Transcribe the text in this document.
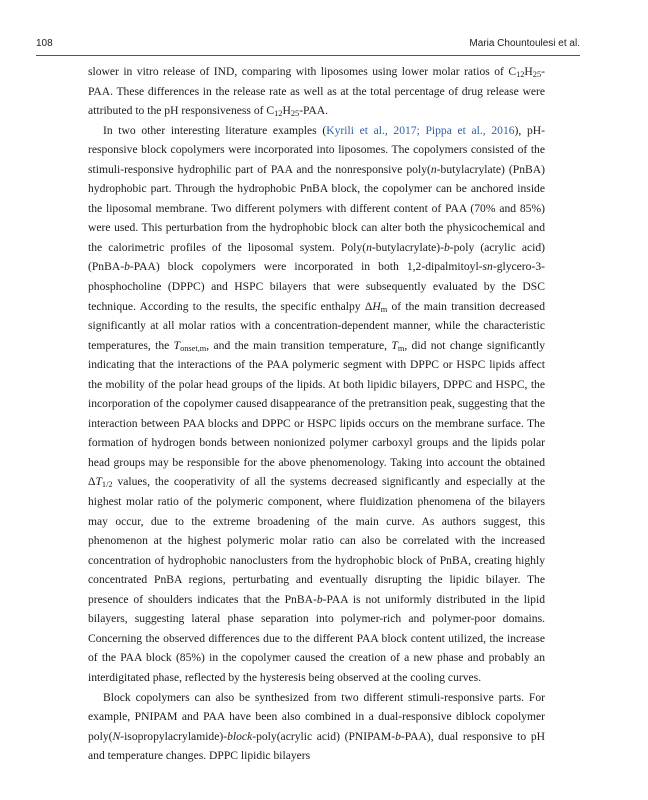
108	Maria Chountoulesi et al.

slower in vitro release of IND, comparing with liposomes using lower molar ratios of $C_{12}H_{25}$-PAA. These differences in the release rate as well as at the total percentage of drug release were attributed to the pH responsiveness of $C_{12}H_{25}$-PAA.

In two other interesting literature examples (Kyrili et al., 2017; Pippa et al., 2016), pH-responsive block copolymers were incorporated into liposomes. The copolymers consisted of the stimuli-responsive hydrophilic part of PAA and the nonresponsive poly(n-butylacrylate) (PnBA) hydrophobic part. Through the hydrophobic PnBA block, the copolymer can be anchored inside the liposomal membrane. Two different polymers with different content of PAA (70% and 85%) were used. This perturbation from the hydrophobic block can alter both the physicochemical and the calorimetric profiles of the liposomal system. Poly(n-butylacrylate)-b-poly (acrylic acid) (PnBA-b-PAA) block copolymers were incorporated in both 1,2-dipalmitoyl-sn-glycero-3-phosphocholine (DPPC) and HSPC bilayers that were subsequently evaluated by the DSC technique. According to the results, the specific enthalpy $\Delta H_m$ of the main transition decreased significantly at all molar ratios with a concentration-dependent manner, while the characteristic temperatures, the $T_{onset,m}$, and the main transition temperature, $T_m$, did not change significantly indicating that the interactions of the PAA polymeric segment with DPPC or HSPC lipids affect the mobility of the polar head groups of the lipids. At both lipidic bilayers, DPPC and HSPC, the incorporation of the copolymer caused disappearance of the pretransition peak, suggesting that the interaction between PAA blocks and DPPC or HSPC lipids occurs on the membrane surface. The formation of hydrogen bonds between nonionized polymer carboxyl groups and the lipids polar head groups may be responsible for the above phenomenology. Taking into account the obtained $\Delta T_{1/2}$ values, the cooperativity of all the systems decreased significantly and especially at the highest molar ratio of the polymeric component, where fluidization phenomena of the bilayers may occur, due to the extreme broadening of the main curve. As authors suggest, this phenomenon at the highest polymeric molar ratio can also be correlated with the increased concentration of hydrophobic nanoclusters from the hydrophobic block of PnBA, creating highly concentrated PnBA regions, perturbating and eventually disrupting the lipidic bilayer. The presence of shoulders indicates that the PnBA-b-PAA is not uniformly distributed in the lipid bilayers, suggesting lateral phase separation into polymer-rich and polymer-poor domains. Concerning the observed differences due to the different PAA block content utilized, the increase of the PAA block (85%) in the copolymer caused the creation of a new phase and probably an interdigitated phase, reflected by the hysteresis being observed at the cooling curves.

Block copolymers can also be synthesized from two different stimuli-responsive parts. For example, PNIPAM and PAA have been also combined in a dual-responsive diblock copolymer poly(N-isopropylacrylamide)-block-poly(acrylic acid) (PNIPAM-b-PAA), dual responsive to pH and temperature changes. DPPC lipidic bilayers
